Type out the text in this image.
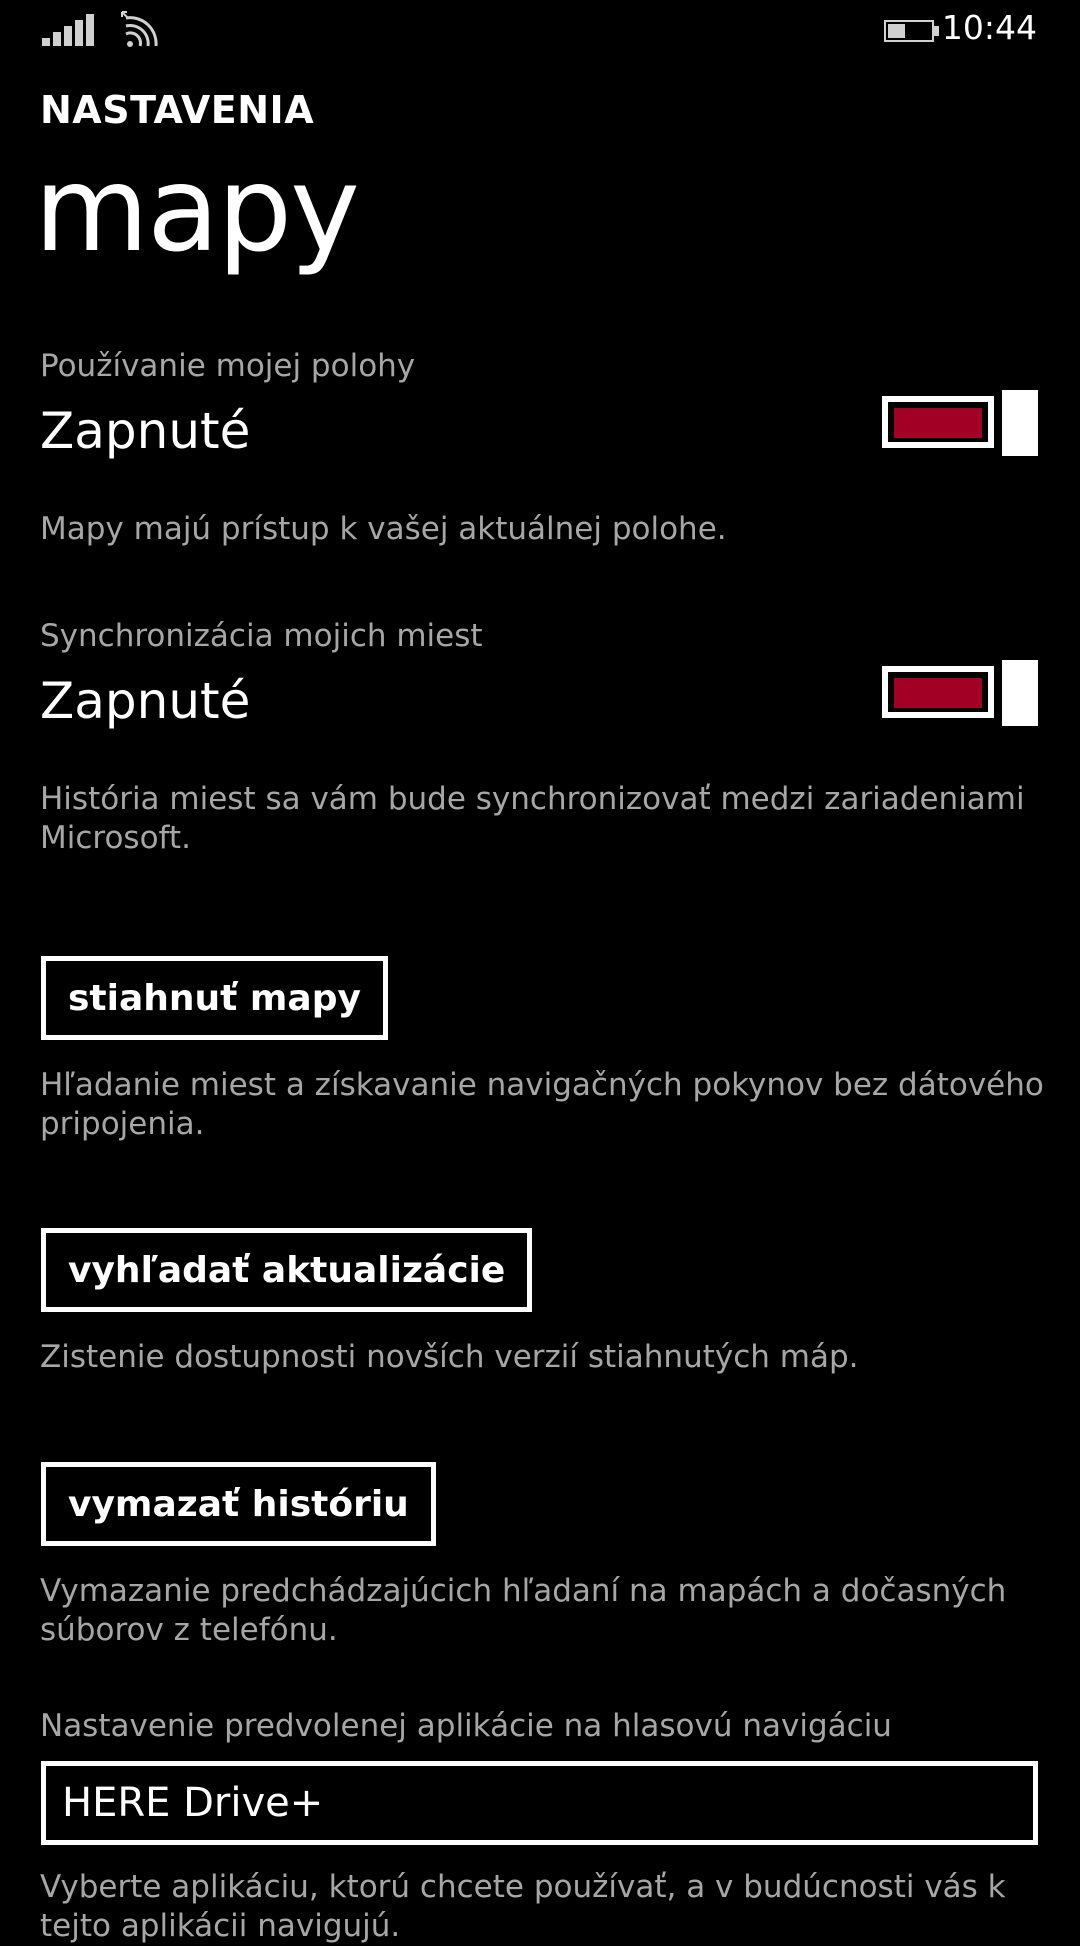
10:44
NASTAVENIA
mapy
Používanie mojej polohy
Zapnuté
Mapy majú prístup k vašej aktuálnej polohe.
Synchronizácia mojich miest
Zapnuté
História miest sa vám bude synchronizovať medzi zariadeniami Microsoft.
stiahnuť mapy
Hľadanie miest a získavanie navigačných pokynov bez dátového pripojenia.
vyhľadať aktualizácie
Zistenie dostupnosti novších verzií stiahnutých máp.
vymazať históriu
Vymazanie predchádzajúcich hľadaní na mapách a dočasných súborov z telefónu.
Nastavenie predvolenej aplikácie na hlasovú navigáciu
HERE Drive+
Vyberte aplikáciu, ktorú chcete používať, a v budúcnosti vás k tejto aplikácii navigujú.
